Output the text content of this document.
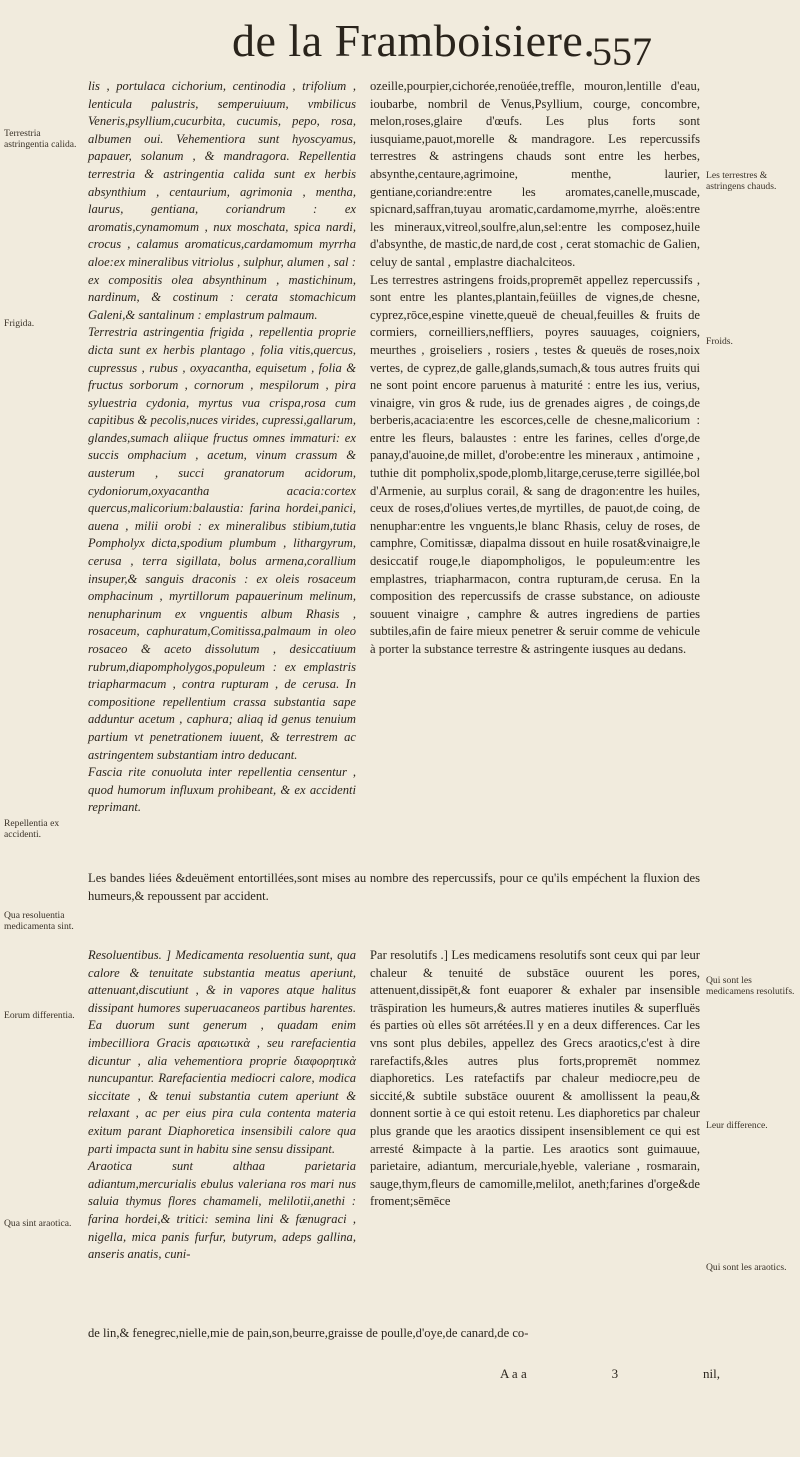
de la Framboisiere.
557

lis , portulaca cichorium, centinodia , trifolium , lenticula palustris, semperuiuum, vmbilicus Veneris,psyllium,cucurbita, cucumis, pepo, rosa, albumen oui. Vehementiora sunt hyoscyamus, papauer, solanum , & mandragora. Repellentia terrestria & astringentia calida sunt ex herbis absynthium , centaurium, agrimonia , mentha, laurus, gentiana, coriandrum : ex aromatis,cynamomum , nux moschata, spica nardi, crocus , calamus aromaticus,cardamomum myrrha aloe:ex mineralibus vitriolus , sulphur, alumen , sal : ex compositis olea absynthinum , mastichinum, nardinum, & costinum : cerata stomachicum Galeni,& santalinum : emplastrum palmaum.

Terrestria astringentia frigida , repellentia proprie dicta sunt ex herbis plantago , folia vitis,quercus, cupressus , rubus , oxyacantha, equisetum , folia & fructus sorborum , cornorum , mespilorum , pira syluestria cydonia, myrtus vua crispa,rosa cum capitibus & pecolis,nuces virides, cupressi,gallarum, glandes,sumach aliique fructus omnes immaturi: ex succis omphacium , acetum, vinum crassum & austerum , succi granatorum acidorum, cydoniorum,oxyacantha acacia:cortex quercus,malicorium:balaustia: farina hordei,panici, auena , milii orobi : ex mineralibus stibium,tutia Pompholyx dicta,spodium plumbum , lithargyrum, cerusa , terra sigillata, bolus armena,corallium insuper,& sanguis draconis : ex oleis rosaceum omphacinum , myrtillorum papauerinum melinum, nenupharinum ex vnguentis album Rhasis , rosaceum, caphuratum,Comitissa,palmaum in oleo rosaceo & aceto dissolutum , desiccatiuum rubrum,diapompholygos,populeum : ex emplastris triapharmacum , contra rupturam , de cerusa. In compositione repellentium crassa substantia sape adduntur acetum , caphura; aliaq id genus tenuium partium vt penetrationem iuuent, & terrestrem ac astringentem substantiam intro deducant.

Fascia rite conuoluta inter repellentia censentur , quod humorum influxum prohibeant, & ex accidenti reprimant.

ozeille,pourpier,cichorée,renoüée,treffle, mouron,lentille d'eau, ioubarbe, nombril de Venus,Psyllium, courge, concombre, melon,roses,glaire d'œufs. Les plus forts sont iusquiame,pauot,morelle & mandragore. Les repercussifs terrestres & astringens chauds sont entre les herbes, absynthe,centaure,agrimoine, menthe, laurier, gentiane,coriandre:entre les aromates,canelle,muscade, spicnard,saffran,tuyau aromatic,cardamome,myrrhe, aloës:entre les mineraux,vitreol,soulfre,alun,sel:entre les composez,huile d'absynthe, de mastic,de nard,de cost , cerat stomachic de Galien, celuy de santal , emplastre diachalciteos.

Les terrestres astringens froids,propremēt appellez repercussifs , sont entre les plantes,plantain,feüilles de vignes,de chesne, cyprez,rōce,espine vinette,queuë de cheual,feuilles & fruits de cormiers, corneilliers,neffliers, poyres sauuages, coigniers, meurthes , groiseliers , rosiers , testes & queuës de roses,noix vertes, de cyprez,de galle,glands,sumach,& tous autres fruits qui ne sont point encore paruenus à maturité : entre les ius, verius, vinaigre, vin gros & rude, ius de grenades aigres , de coings,de berberis,acacia:entre les escorces,celle de chesne,malicorium : entre les fleurs, balaustes : entre les farines, celles d'orge,de panay,d'auoine,de millet, d'orobe:entre les mineraux , antimoine , tuthie dit pompholix,spode,plomb,litarge,ceruse,terre sigillée,bol d'Armenie, au surplus corail, & sang de dragon:entre les huiles, ceux de roses,d'oliues vertes,de myrtilles, de pauot,de coing, de nenuphar:entre les vnguents,le blanc Rhasis, celuy de roses, de camphre, Comitissæ, diapalma dissout en huile rosat&vinaigre,le desiccatif rouge,le diapompholigos, le populeum:entre les emplastres, triapharmacon, contra rupturam,de cerusa. En la composition des repercussifs de crasse substance, on adiouste souuent vinaigre , camphre & autres ingrediens de parties subtiles,afin de faire mieux penetrer & seruir comme de vehicule à porter la substance terrestre & astringente iusques au dedans.

Les bandes liées &deuëment entortillées,sont mises au nombre des repercussifs, pour ce qu'ils empéchent la fluxion des humeurs,& repoussent par accident.

Resoluentibus. ] Medicamenta resoluentia sunt, qua calore & tenuitate substantia meatus aperiunt, attenuant,discutiunt , & in vapores atque halitus dissipant humores superuacaneos partibus harentes. Ea duorum sunt generum , quadam enim imbecilliora Gracis αραιωτικὰ , seu rarefacientia dicuntur , alia vehementiora proprie διαφορητικὰ nuncupantur. Rarefacientia mediocri calore, modica siccitate , & tenui substantia cutem aperiunt & relaxant , ac per eius pira cula contenta materia exitum parant Diaphoretica insensibili calore qua parti impacta sunt in habitu sine sensu dissipant.

Araotica sunt althaa parietaria adiantum,mercurialis ebulus valeriana ros mari nus saluia thymus flores chamameli, melilotii,anethi : farina hordei,& tritici: semina lini & fænugraci , nigella, mica panis furfur, butyrum, adeps gallina, anseris anatis, cuni-

Par resolutifs .] Les medicamens resolutifs sont ceux qui par leur chaleur & tenuité de substāce ouurent les pores, attenuent,dissipēt,& font euaporer & exhaler par insensible trāspiration les humeurs,& autres matieres inutiles & superfluës és parties où elles sōt arrétées.Il y en a deux differences. Car les vns sont plus debiles, appellez des Grecs araotics,c'est à dire rarefactifs,&les autres plus forts,propremēt nommez diaphoretics. Les ratefactifs par chaleur mediocre,peu de siccité,& subtile substāce ouurent & amollissent la peau,& donnent sortie à ce qui estoit retenu. Les diaphoretics par chaleur plus grande que les araotics dissipent insensiblement ce qui est arresté &impacte à la partie. Les araotics sont guimauue, parietaire, adiantum, mercuriale,hyeble, valeriane , rosmarain, sauge,thym,fleurs de camomille,melilot, aneth;farines d'orge&de froment;sēmēce

de lin,& fenegrec,nielle,mie de pain,son,beurre,graisse de poulle,d'oye,de canard,de co-

A a a	3	nil,
Terrestria astringentia calida.
Frigida.
Repellentia ex accidenti.
Qua resoluentia medicamenta sint.
Eorum differentia.
Qua sint araotica.
Les terrestres & astringens chauds.
Froids.
Qui sont les medicamens resolutifs.
Leur difference.
Qui sont les araotics.
